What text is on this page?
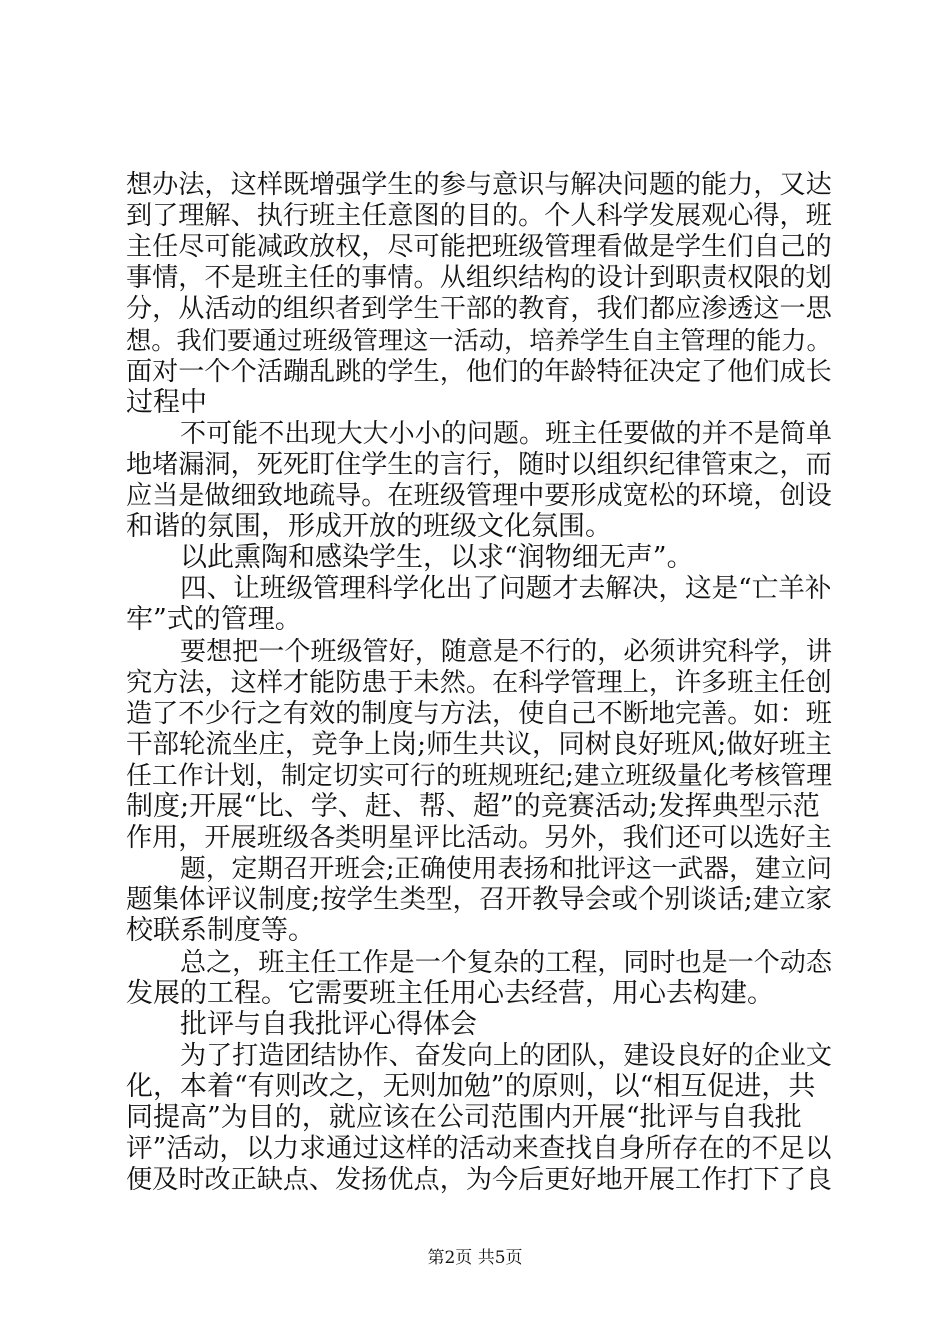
想办法，这样既增强学生的参与意识与解决问题的能力，又达
到了理解、执行班主任意图的目的。个人科学发展观心得，班
主任尽可能减政放权，尽可能把班级管理看做是学生们自己的
事情，不是班主任的事情。从组织结构的设计到职责权限的划
分，从活动的组织者到学生干部的教育，我们都应渗透这一思
想。我们要通过班级管理这一活动，培养学生自主管理的能力。
面对一个个活蹦乱跳的学生，他们的年龄特征决定了他们成长
过程中
不可能不出现大大小小的问题。班主任要做的并不是简单
地堵漏洞，死死盯住学生的言行，随时以组织纪律管束之，而
应当是做细致地疏导。在班级管理中要形成宽松的环境，创设
和谐的氛围，形成开放的班级文化氛围。
以此熏陶和感染学生，以求“润物细无声”。
四、让班级管理科学化出了问题才去解决，这是“亡羊补
牢”式的管理。
要想把一个班级管好，随意是不行的，必须讲究科学，讲
究方法，这样才能防患于未然。在科学管理上，许多班主任创
造了不少行之有效的制度与方法，使自己不断地完善。如：班
干部轮流坐庄，竞争上岗;师生共议，同树良好班风;做好班主
任工作计划，制定切实可行的班规班纪;建立班级量化考核管理
制度;开展“比、学、赶、帮、超”的竞赛活动;发挥典型示范
作用，开展班级各类明星评比活动。另外，我们还可以选好主
题，定期召开班会;正确使用表扬和批评这一武器，建立问
题集体评议制度;按学生类型，召开教导会或个别谈话;建立家
校联系制度等。
总之，班主任工作是一个复杂的工程，同时也是一个动态
发展的工程。它需要班主任用心去经营，用心去构建。
批评与自我批评心得体会
为了打造团结协作、奋发向上的团队，建设良好的企业文
化，本着“有则改之，无则加勉”的原则，以“相互促进，共
同提高”为目的，就应该在公司范围内开展“批评与自我批
评”活动，以力求通过这样的活动来查找自身所存在的不足以
便及时改正缺点、发扬优点，为今后更好地开展工作打下了良
第2页 共5页
